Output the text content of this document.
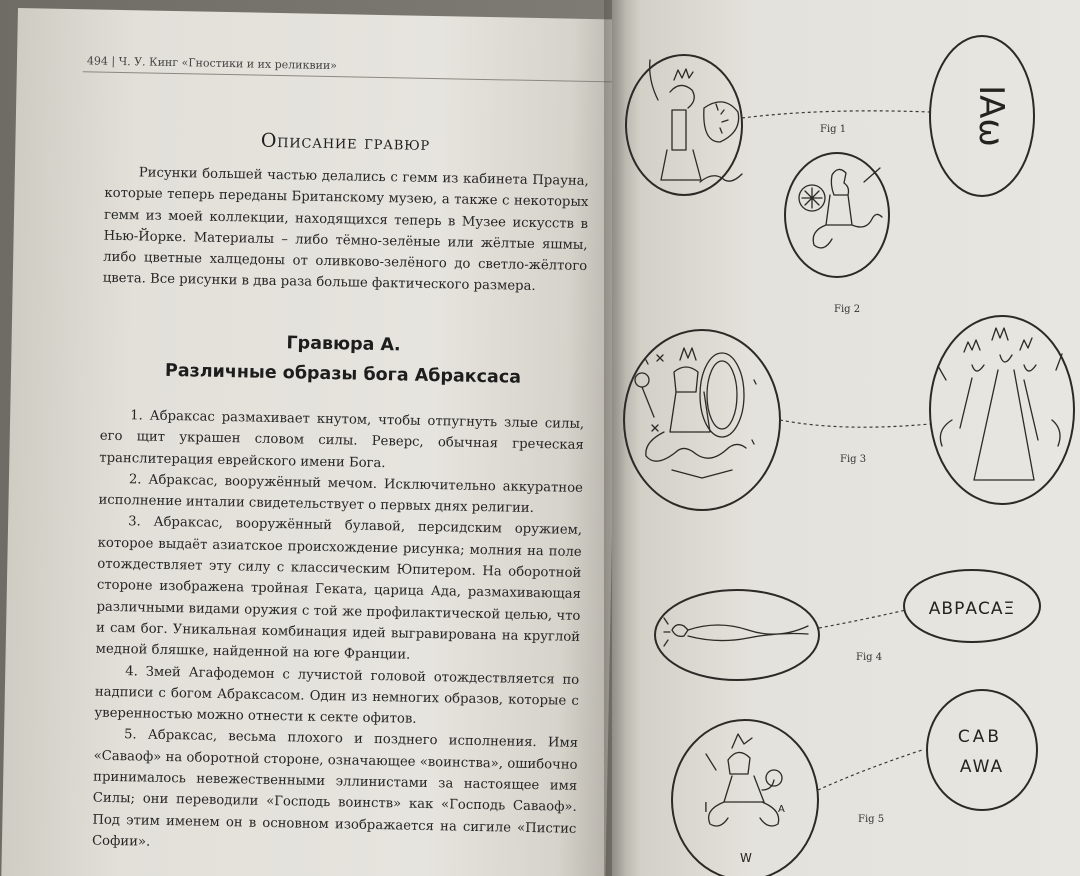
494 | Ч. У. Кинг «Гностики и их реликвии»
Описание гравюр

Рисунки большей частью делались с гемм из кабинета Прауна, которые теперь переданы Британскому музею, а также с некоторых гемм из моей коллекции, находящихся теперь в Музее искусств в Нью-Йорке. Материалы – либо тёмно-зелёные или жёлтые яшмы, либо цветные халцедоны от оливково-зелёного до светло-жёлтого цвета. Все рисунки в два раза больше фактического размера.

Гравюра А.
Различные образы бога Абраксаса

1. Абраксас размахивает кнутом, чтобы отпугнуть злые силы, его щит украшен словом силы. Реверс, обычная греческая транслитерация еврейского имени Бога.

2. Абраксас, вооружённый мечом. Исключительно аккуратное исполнение инталии свидетельствует о первых днях религии.

3. Абраксас, вооружённый булавой, персидским оружием, которое выдаёт азиатское происхождение рисунка; молния на поле отождествляет эту силу с классическим Юпитером. На оборотной стороне изображена тройная Геката, царица Ада, размахивающая различными видами оружия с той же профилактической целью, что и сам бог. Уникальная комбинация идей выгравирована на круглой медной бляшке, найденной на юге Франции.

4. Змей Агафодемон с лучистой головой отождествляется по надписи с богом Абраксасом. Один из немногих образов, которые с уверенностью можно отнести к секте офитов.

5. Абраксас, весьма плохого и позднего исполнения. Имя «Саваоф» на оборотной стороне, означающее «воинства», ошибочно принималось невежественными эллинистами за настоящее имя Силы; они переводили «Господь воинств» как «Господь Саваоф». Под этим именем он в основном изображается на сигиле «Пистис Софии».

Fig 1	IAω
Fig 2
Fig 3
Fig 4
ΑΒΡΑCΑΞ
I	A
W
Fig 5
CAB
AWA
